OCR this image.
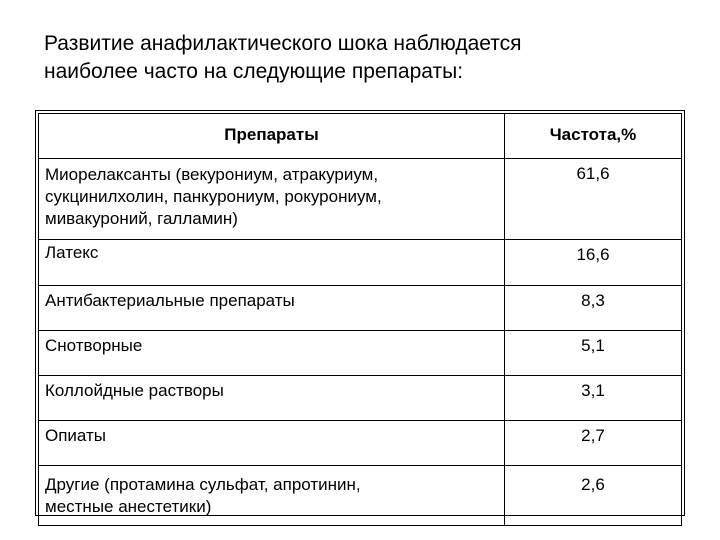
Развитие анафилактического шока наблюдается
наиболее часто на следующие препараты:
Препараты	Частота,%

Миорелаксанты (векурониум, атракуриум,
сукцинилхолин, панкурониум, рокурониум,
мивакуроний, галламин)	61,6

Латекс	16,6

Антибактериальные препараты	8,3

Снотворные	5,1

Коллойдные растворы	3,1

Опиаты	2,7

Другие (протамина сульфат, апротинин,
местные анестетики)	2,6
